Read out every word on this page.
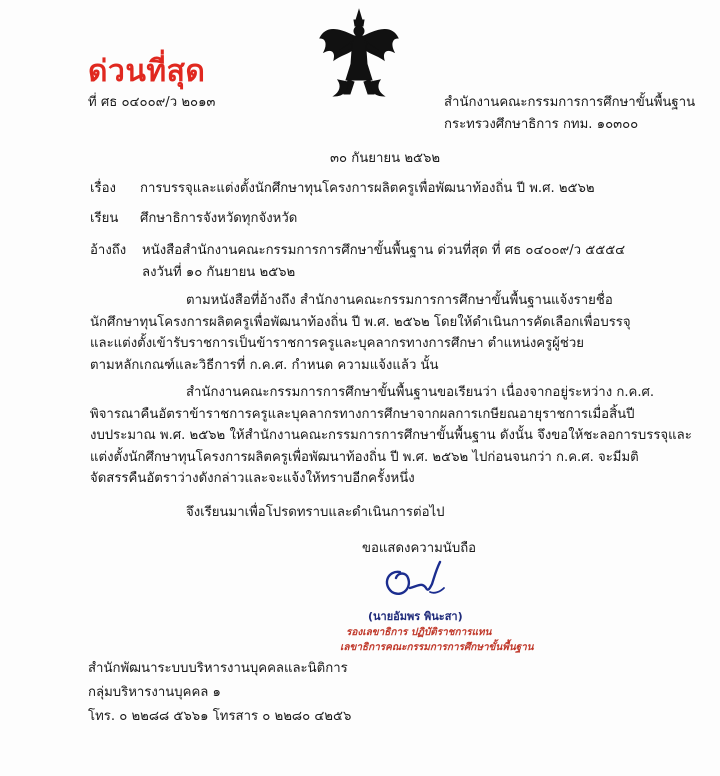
ด่วนที่สุด
ที่ ศธ ๐๔๐๐๙/ว ๒๐๑๓	สำนักงานคณะกรรมการการศึกษาขั้นพื้นฐาน
กระทรวงศึกษาธิการ กทม. ๑๐๓๐๐
๓๐ กันยายน ๒๕๖๒
เรื่อง การบรรจุและแต่งตั้งนักศึกษาทุนโครงการผลิตครูเพื่อพัฒนาท้องถิ่น ปี พ.ศ. ๒๕๖๒
เรียน ศึกษาธิการจังหวัดทุกจังหวัด
อ้างถึง หนังสือสำนักงานคณะกรรมการการศึกษาขั้นพื้นฐาน ด่วนที่สุด ที่ ศธ ๐๔๐๐๙/ว ๕๕๕๔
ลงวันที่ ๑๐ กันยายน ๒๕๖๒

ตามหนังสือที่อ้างถึง สำนักงานคณะกรรมการการศึกษาขั้นพื้นฐานแจ้งรายชื่อ

นักศึกษาทุนโครงการผลิตครูเพื่อพัฒนาท้องถิ่น ปี พ.ศ. ๒๕๖๒ โดยให้ดำเนินการคัดเลือกเพื่อบรรจุ

และแต่งตั้งเข้ารับราชการเป็นข้าราชการครูและบุคลากรทางการศึกษา ตำแหน่งครูผู้ช่วย

ตามหลักเกณฑ์และวิธีการที่ ก.ค.ศ. กำหนด ความแจ้งแล้ว นั้น

สำนักงานคณะกรรมการการศึกษาขั้นพื้นฐานขอเรียนว่า เนื่องจากอยู่ระหว่าง ก.ค.ศ.

พิจารณาคืนอัตราข้าราชการครูและบุคลากรทางการศึกษาจากผลการเกษียณอายุราชการเมื่อสิ้นปี

งบประมาณ พ.ศ. ๒๕๖๒ ให้สำนักงานคณะกรรมการการศึกษาขั้นพื้นฐาน ดังนั้น จึงขอให้ชะลอการบรรจุและ

แต่งตั้งนักศึกษาทุนโครงการผลิตครูเพื่อพัฒนาท้องถิ่น ปี พ.ศ. ๒๕๖๒ ไปก่อนจนกว่า ก.ค.ศ. จะมีมติ

จัดสรรคืนอัตราว่างดังกล่าวและจะแจ้งให้ทราบอีกครั้งหนึ่ง

จึงเรียนมาเพื่อโปรดทราบและดำเนินการต่อไป
ขอแสดงความนับถือ
(นายอัมพร พินะสา)
รองเลขาธิการ ปฏิบัติราชการแทน
เลขาธิการคณะกรรมการการศึกษาขั้นพื้นฐาน
สำนักพัฒนาระบบบริหารงานบุคคลและนิติการ
กลุ่มบริหารงานบุคคล ๑
โทร. ๐ ๒๒๘๘ ๕๖๖๑ โทรสาร ๐ ๒๒๘๐ ๔๒๕๖
